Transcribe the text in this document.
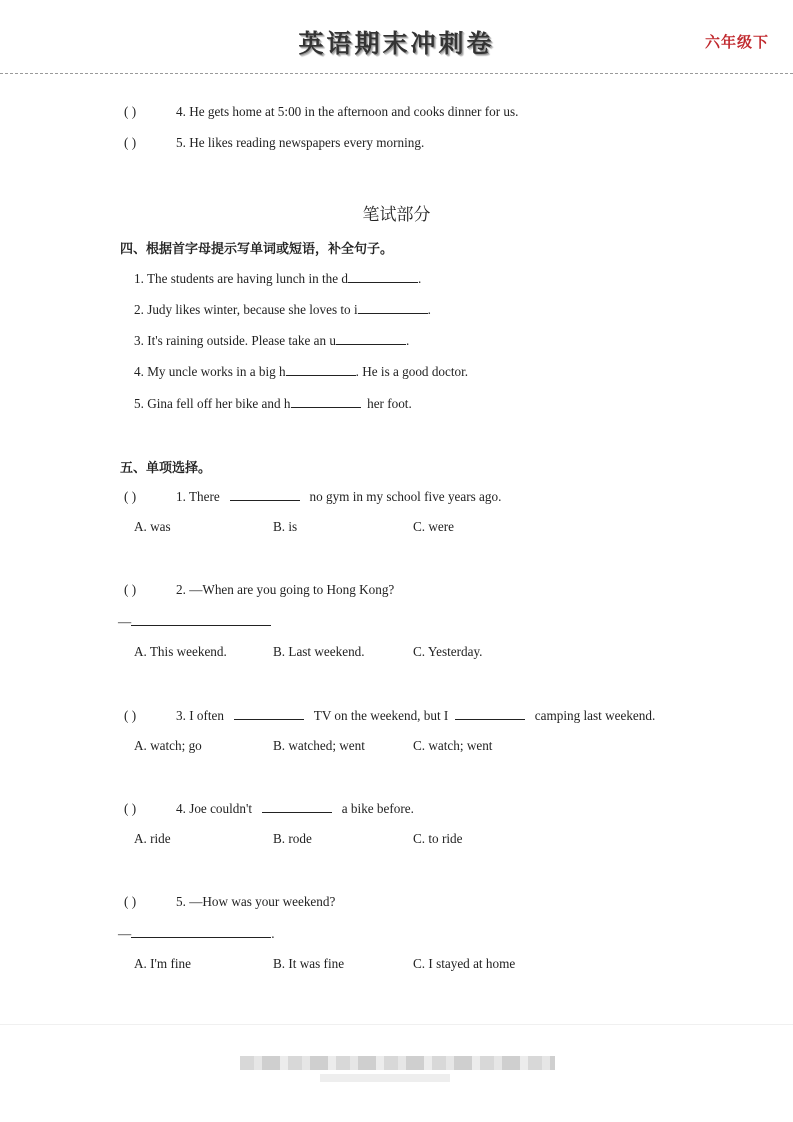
英语期末冲刺卷	六年级下
( )	4. He gets home at 5:00 in the afternoon and cooks dinner for us.
( )	5. He likes reading newspapers every morning.
笔试部分
四、根据首字母提示写单词或短语，补全句子。
1. The students are having lunch in the d	.
2. Judy likes winter, because she loves to i	.
3. It's raining outside. Please take an u	.
4. My uncle works in a big h	. He is a good doctor.
5. Gina fell off her bike and h	her foot.
五、单项选择。
( )	1. There	no gym in my school five years ago.
A. was	B. is	C. were
( )	2. —When are you going to Hong Kong?
—
A. This weekend.	B. Last weekend.	C. Yesterday.
( )	3. I often	TV on the weekend, but I	camping last weekend.
A. watch; go	B. watched; went	C. watch; went
( )	4. Joe couldn't	a bike before.
A. ride	B. rode	C. to ride
( )	5. —How was your weekend?
—	.
A. I'm fine	B. It was fine	C. I stayed at home
